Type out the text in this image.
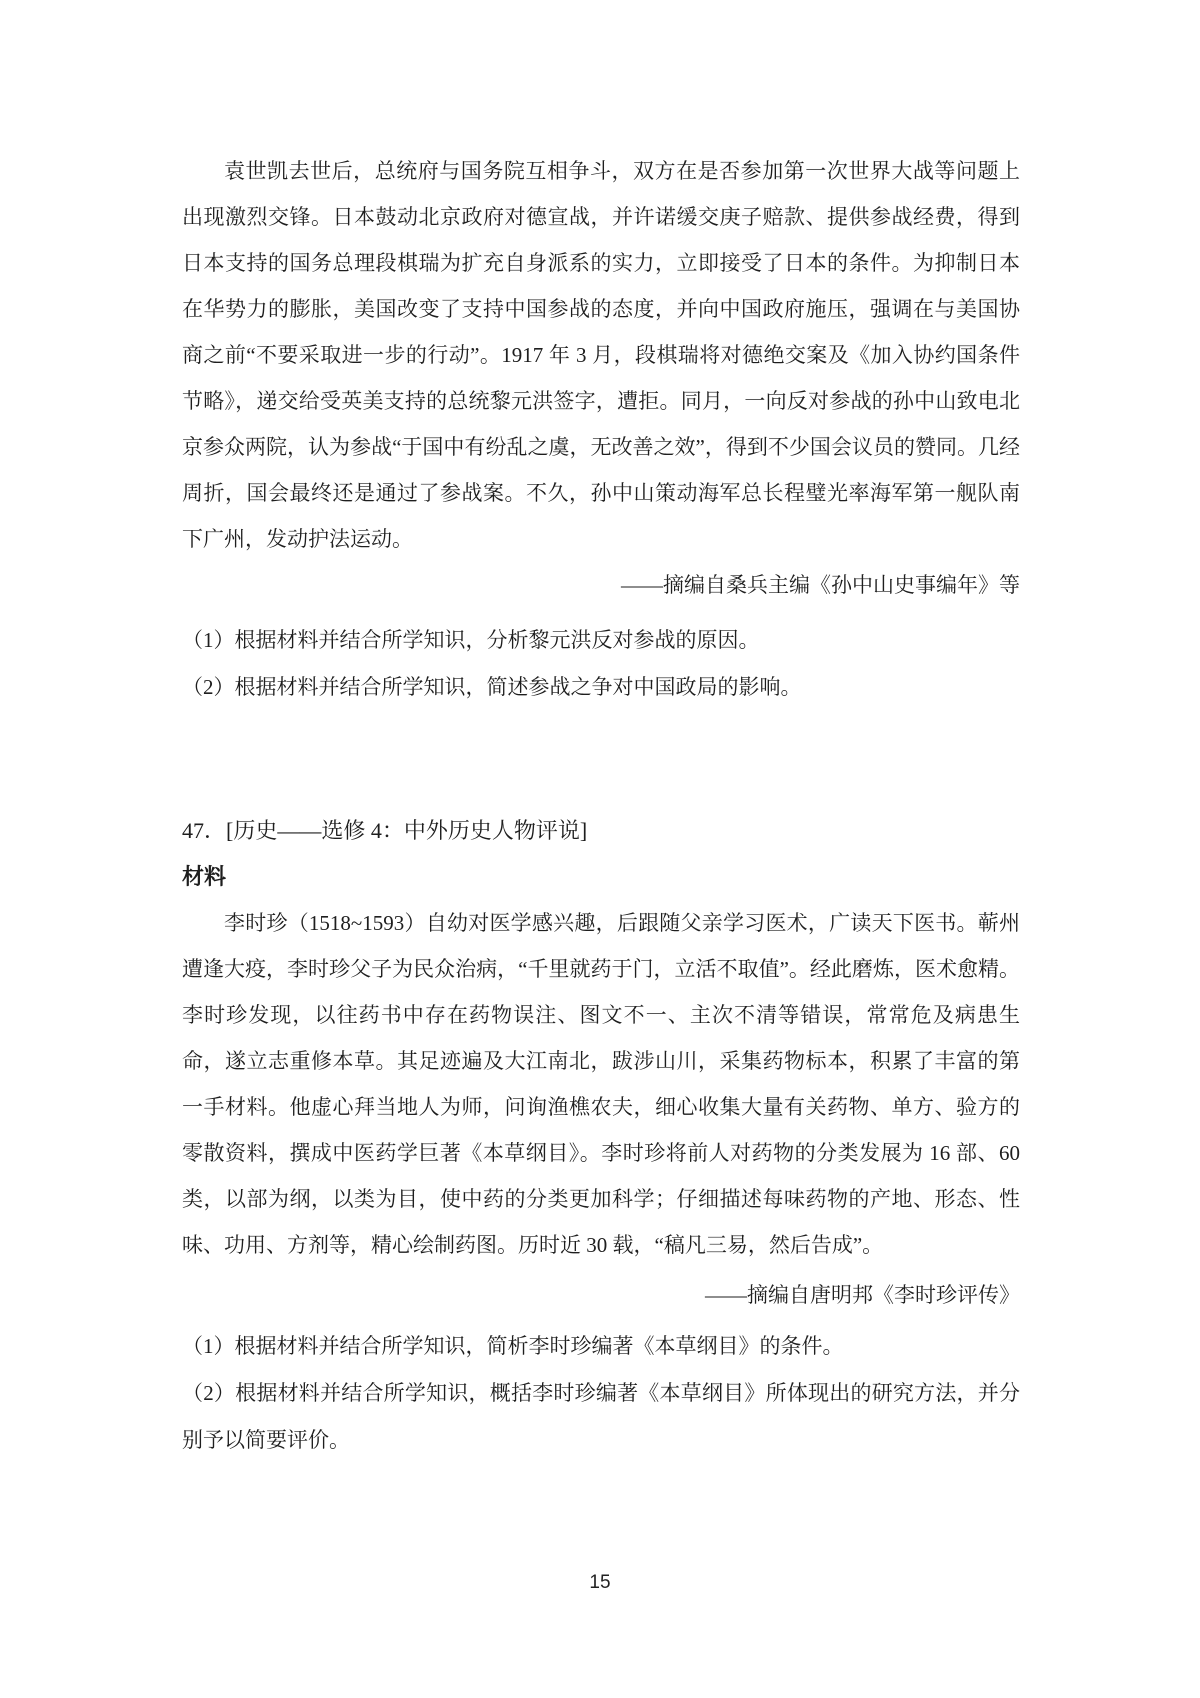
袁世凯去世后，总统府与国务院互相争斗，双方在是否参加第一次世界大战等问题上出现激烈交锋。日本鼓动北京政府对德宣战，并许诺缓交庚子赔款、提供参战经费，得到日本支持的国务总理段棋瑞为扩充自身派系的实力，立即接受了日本的条件。为抑制日本在华势力的膨胀，美国改变了支持中国参战的态度，并向中国政府施压，强调在与美国协商之前“不要采取进一步的行动”。1917 年 3 月，段棋瑞将对德绝交案及《加入协约国条件节略》，递交给受英美支持的总统黎元洪签字，遭拒。同月，一向反对参战的孙中山致电北京参众两院，认为参战“于国中有纷乱之虞，无改善之效”，得到不少国会议员的赞同。几经周折，国会最终还是通过了参战案。不久，孙中山策动海军总长程璧光率海军第一舰队南下广州，发动护法运动。

——摘编自桑兵主编《孙中山史事编年》等

（1）根据材料并结合所学知识，分析黎元洪反对参战的原因。

（2）根据材料并结合所学知识，简述参战之争对中国政局的影响。

47．[历史——选修 4：中外历史人物评说]

材料

李时珍（1518~1593）自幼对医学感兴趣，后跟随父亲学习医术，广读天下医书。蕲州遭逢大疫，李时珍父子为民众治病，“千里就药于门，立活不取值”。经此磨炼，医术愈精。李时珍发现，以往药书中存在药物误注、图文不一、主次不清等错误，常常危及病患生命，遂立志重修本草。其足迹遍及大江南北，跋涉山川，采集药物标本，积累了丰富的第一手材料。他虚心拜当地人为师，问询渔樵农夫，细心收集大量有关药物、单方、验方的零散资料，撰成中医药学巨著《本草纲目》。李时珍将前人对药物的分类发展为 16 部、60 类，以部为纲，以类为目，使中药的分类更加科学；仔细描述每味药物的产地、形态、性味、功用、方剂等，精心绘制药图。历时近 30 载，“稿凡三易，然后告成”。

——摘编自唐明邦《李时珍评传》

（1）根据材料并结合所学知识，简析李时珍编著《本草纲目》的条件。

（2）根据材料并结合所学知识，概括李时珍编著《本草纲目》所体现出的研究方法，并分别予以简要评价。

15
